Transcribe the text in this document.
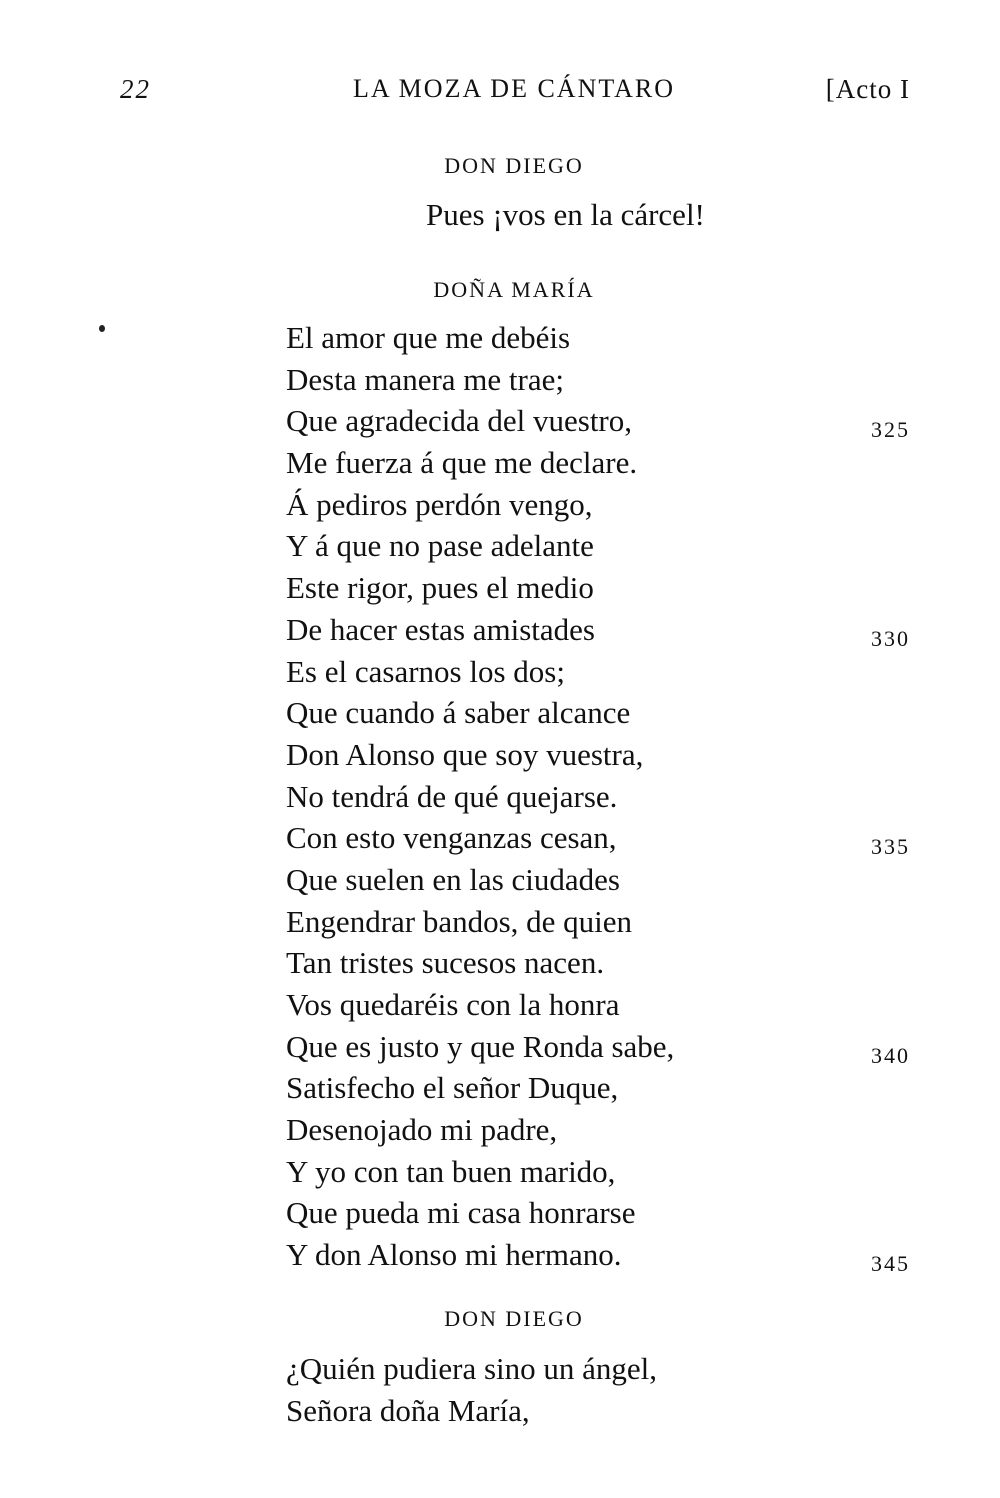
22	LA MOZA DE CÁNTARO	[Acto I
DON DIEGO
Pues ¡vos en la cárcel!
DOÑA MARÍA
El amor que me debéis
Desta manera me trae;
Que agradecida del vuestro,
Me fuerza á que me declare.
Á pediros perdón vengo,
Y á que no pase adelante
Este rigor, pues el medio
De hacer estas amistades
Es el casarnos los dos;
Que cuando á saber alcance
Don Alonso que soy vuestra,
No tendrá de qué quejarse.
Con esto venganzas cesan,
Que suelen en las ciudades
Engendrar bandos, de quien
Tan tristes sucesos nacen.
Vos quedaréis con la honra
Que es justo y que Ronda sabe,
Satisfecho el señor Duque,
Desenojado mi padre,
Y yo con tan buen marido,
Que pueda mi casa honrarse
Y don Alonso mi hermano.
325
330
335
340
345
DON DIEGO
¿Quién pudiera sino un ángel,
Señora doña María,
